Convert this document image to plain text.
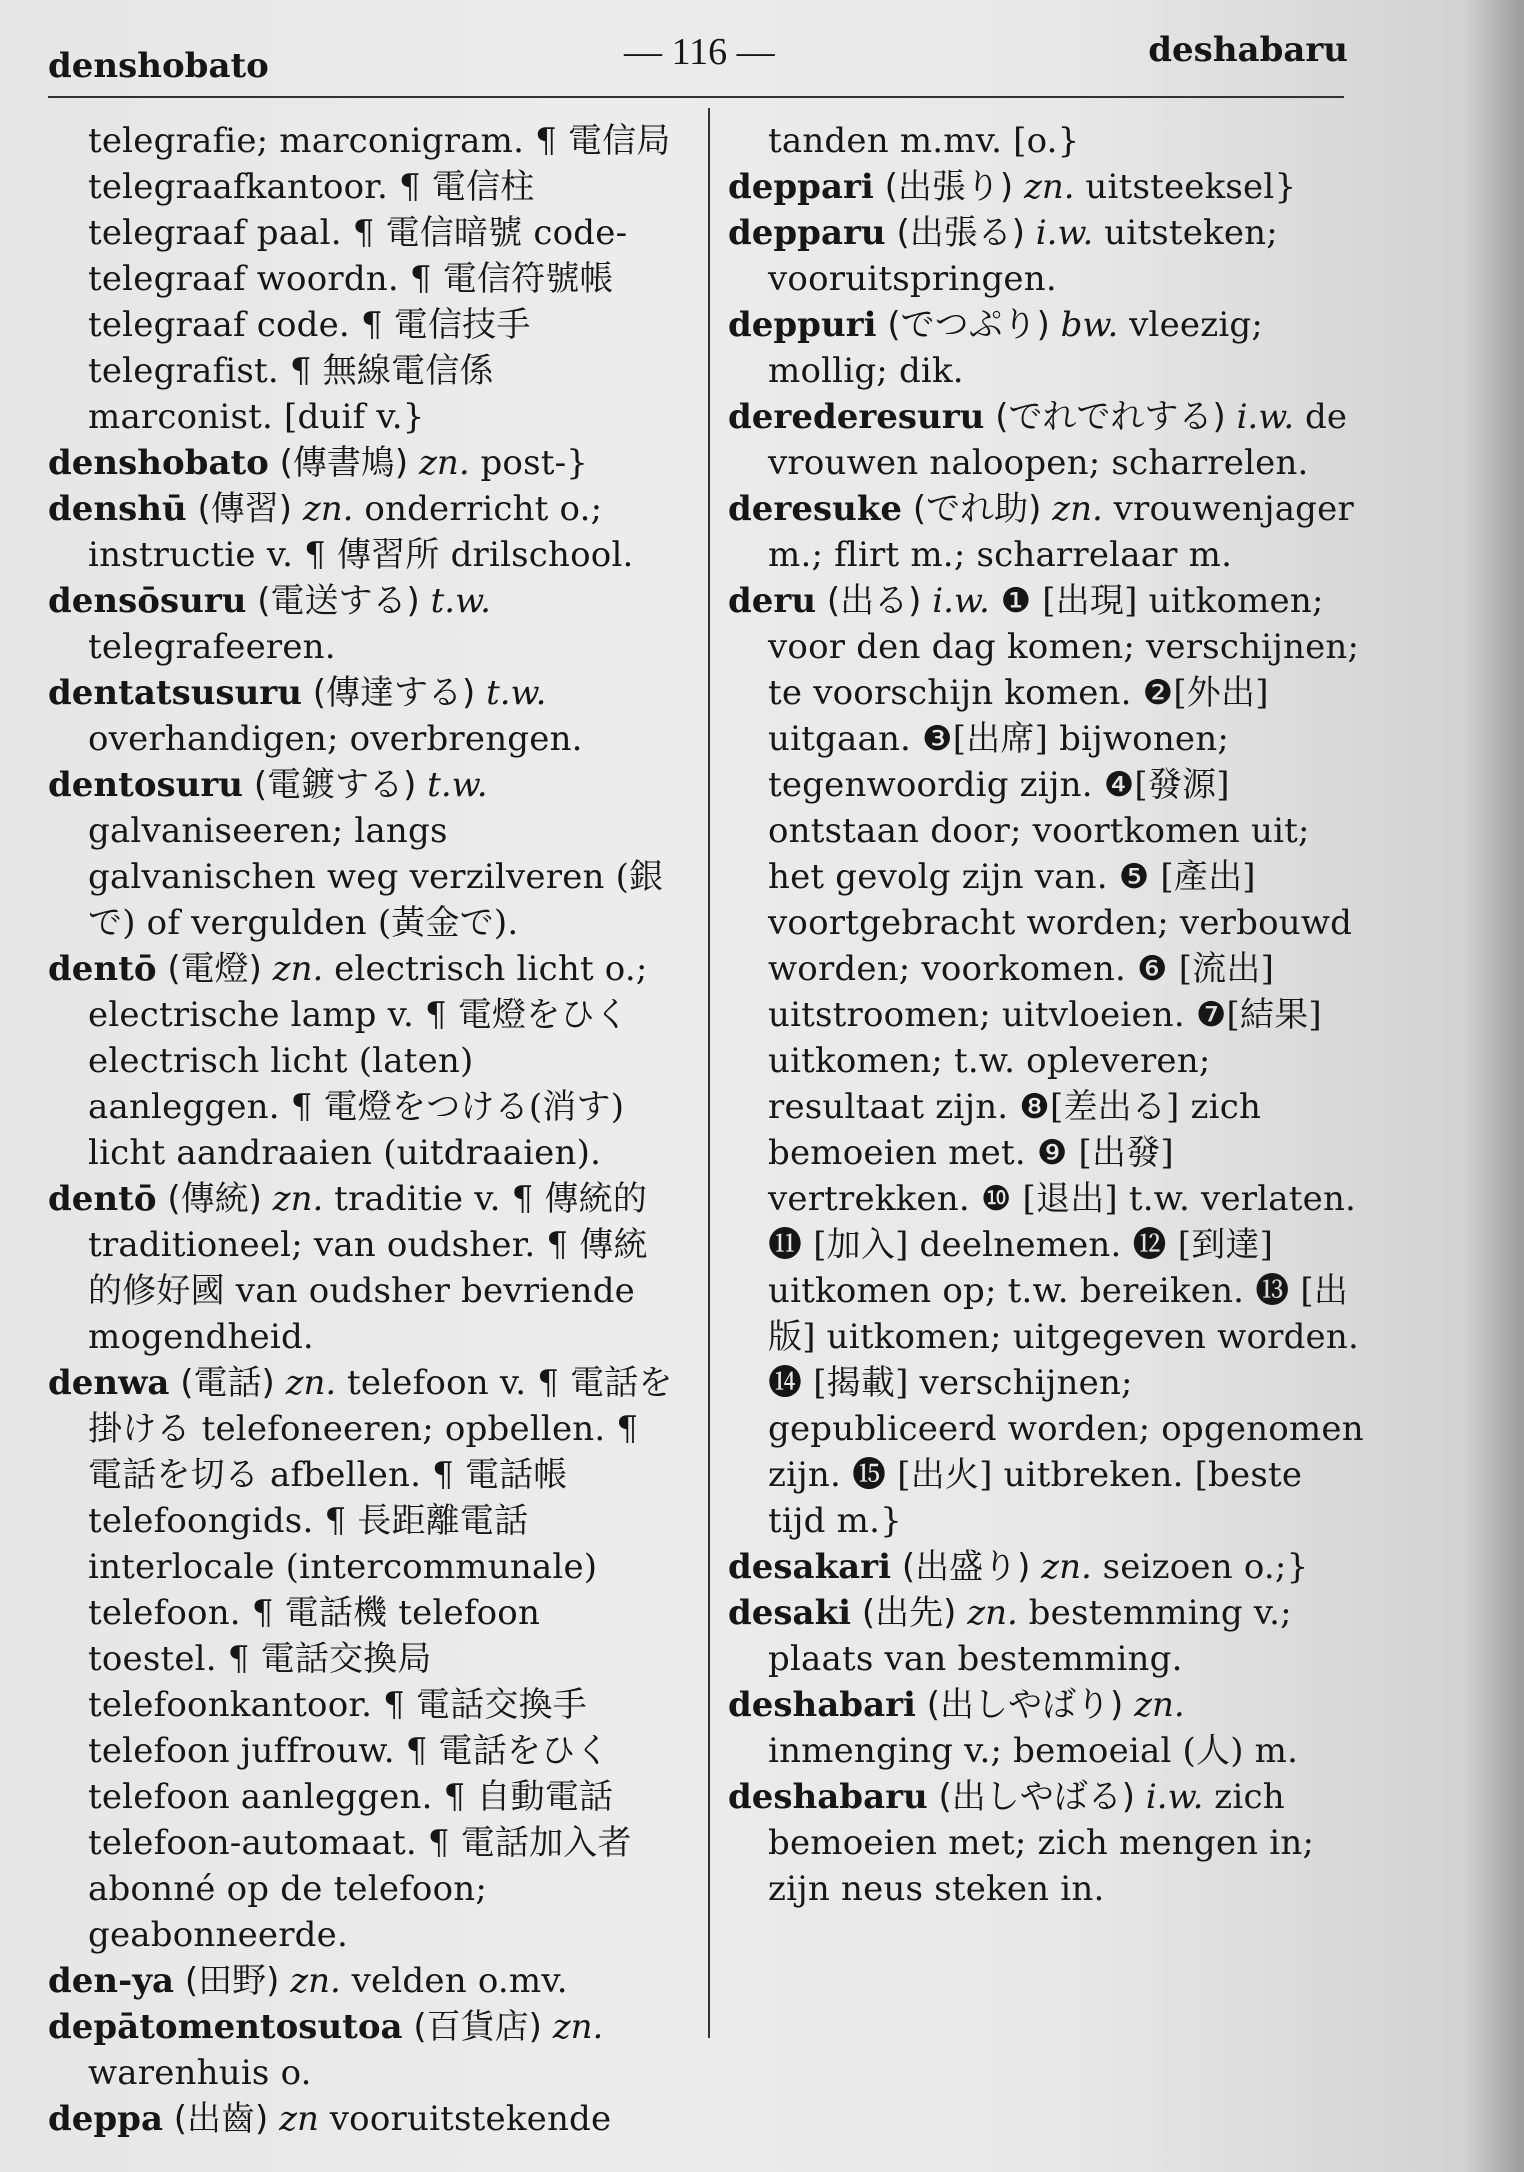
denshobato	— 116 —	deshabaru

telegrafie; marconigram. ¶ 電信局 telegraafkantoor. ¶ 電信柱 telegraaf paal. ¶ 電信暗號 code-telegraaf woordn. ¶ 電信符號帳 telegraaf code. ¶ 電信技手 telegrafist. ¶ 無線電信係 marconist. [duif v.}

denshobato (傳書鳩) zn. post-}

denshū (傳習) zn. onderricht o.; instructie v. ¶ 傳習所 drilschool.

densōsuru (電送する) t.w. telegrafeeren.

dentatsusuru (傳達する) t.w. overhandigen; overbrengen.

dentosuru (電鍍する) t.w. galvaniseeren; langs galvanischen weg verzilveren (銀で) of vergulden (黃金で).

dentō (電燈) zn. electrisch licht o.; electrische lamp v. ¶ 電燈をひく electrisch licht (laten) aanleggen. ¶ 電燈をつける(消す) licht aandraaien (uitdraaien).

dentō (傳統) zn. traditie v. ¶ 傳統的 traditioneel; van oudsher. ¶ 傳統的修好國 van oudsher bevriende mogendheid.

denwa (電話) zn. telefoon v. ¶ 電話を掛ける telefoneeren; opbellen. ¶ 電話を切る afbellen. ¶ 電話帳 telefoongids. ¶ 長距離電話 interlocale (intercommunale) telefoon. ¶ 電話機 telefoon toestel. ¶ 電話交換局 telefoonkantoor. ¶ 電話交換手 telefoon juffrouw. ¶ 電話をひく telefoon aanleggen. ¶ 自動電話 telefoon-automaat. ¶ 電話加入者 abonné op de telefoon; geabonneerde.

den-ya (田野) zn. velden o.mv.

depātomentosutoa (百貨店) zn. warenhuis o.

deppa (出齒) zn vooruitstekende

tanden m.mv. [o.}

deppari (出張り) zn. uitsteeksel}

depparu (出張る) i.w. uitsteken; vooruitspringen.

deppuri (でつぷり) bw. vleezig; mollig; dik.

derederesuru (でれでれする) i.w. de vrouwen naloopen; scharrelen.

deresuke (でれ助) zn. vrouwenjager m.; flirt m.; scharrelaar m.

deru (出る) i.w. ❶ [出現] uitkomen; voor den dag komen; verschijnen; te voorschijn komen. ❷[外出] uitgaan. ❸[出席] bijwonen; tegenwoordig zijn. ❹[發源] ontstaan door; voortkomen uit; het gevolg zijn van. ❺ [產出] voortgebracht worden; verbouwd worden; voorkomen. ❻ [流出] uitstroomen; uitvloeien. ❼[結果] uitkomen; t.w. opleveren; resultaat zijn. ❽[差出る] zich bemoeien met. ❾ [出發] vertrekken. ❿ [退出] t.w. verlaten. ⓫ [加入] deelnemen. ⓬ [到達] uitkomen op; t.w. bereiken. ⓭ [出版] uitkomen; uitgegeven worden. ⓮ [揭載] verschijnen; gepubliceerd worden; opgenomen zijn. ⓯ [出火] uitbreken. [beste tijd m.}

desakari (出盛り) zn. seizoen o.;}

desaki (出先) zn. bestemming v.; plaats van bestemming.

deshabari (出しやばり) zn. inmenging v.; bemoeial (人) m.

deshabaru (出しやばる) i.w. zich bemoeien met; zich mengen in; zijn neus steken in.
